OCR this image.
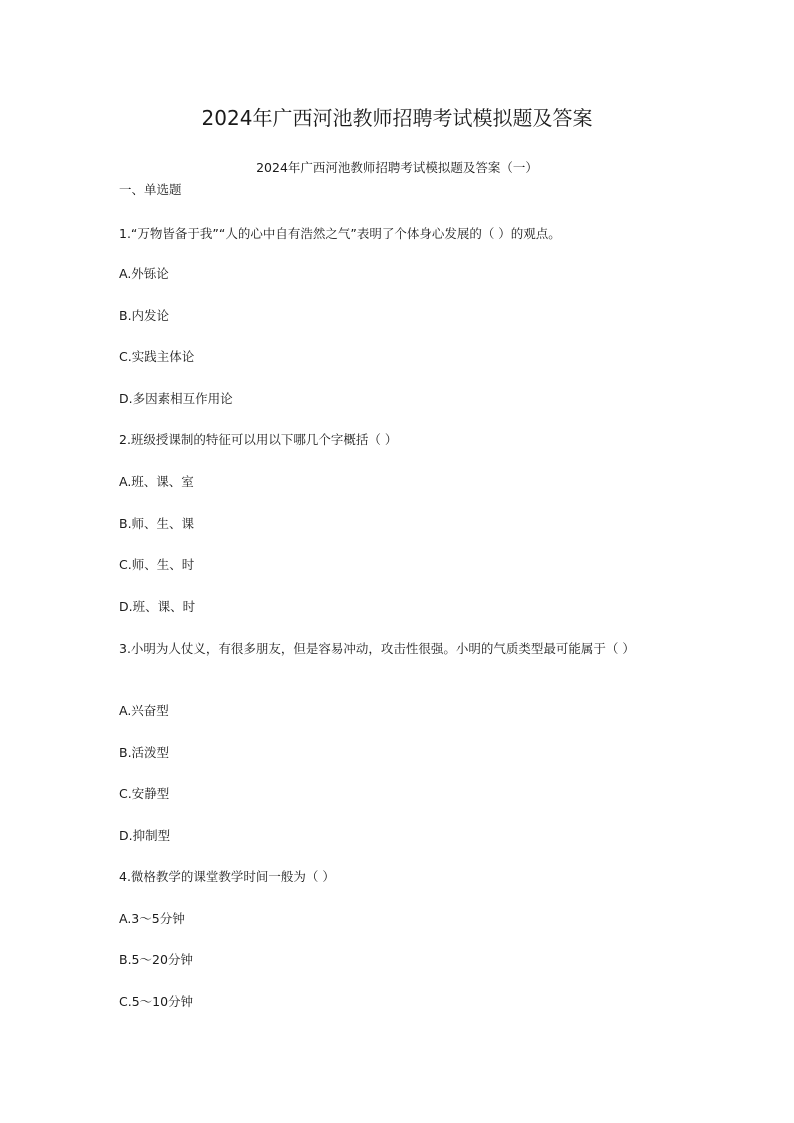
2024年广西河池教师招聘考试模拟题及答案
2024年广西河池教师招聘考试模拟题及答案（一）
一、单选题
1.“万物皆备于我”“人的心中自有浩然之气”表明了个体身心发展的（ ）的观点。
A.外铄论
B.内发论
C.实践主体论
D.多因素相互作用论
2.班级授课制的特征可以用以下哪几个字概括（ ）
A.班、课、室
B.师、生、课
C.师、生、时
D.班、课、时
3.小明为人仗义，有很多朋友，但是容易冲动，攻击性很强。小明的气质类型最可能属于（ ）
A.兴奋型
B.活泼型
C.安静型
D.抑制型
4.微格教学的课堂教学时间一般为（ ）
A.3～5分钟
B.5～20分钟
C.5～10分钟
